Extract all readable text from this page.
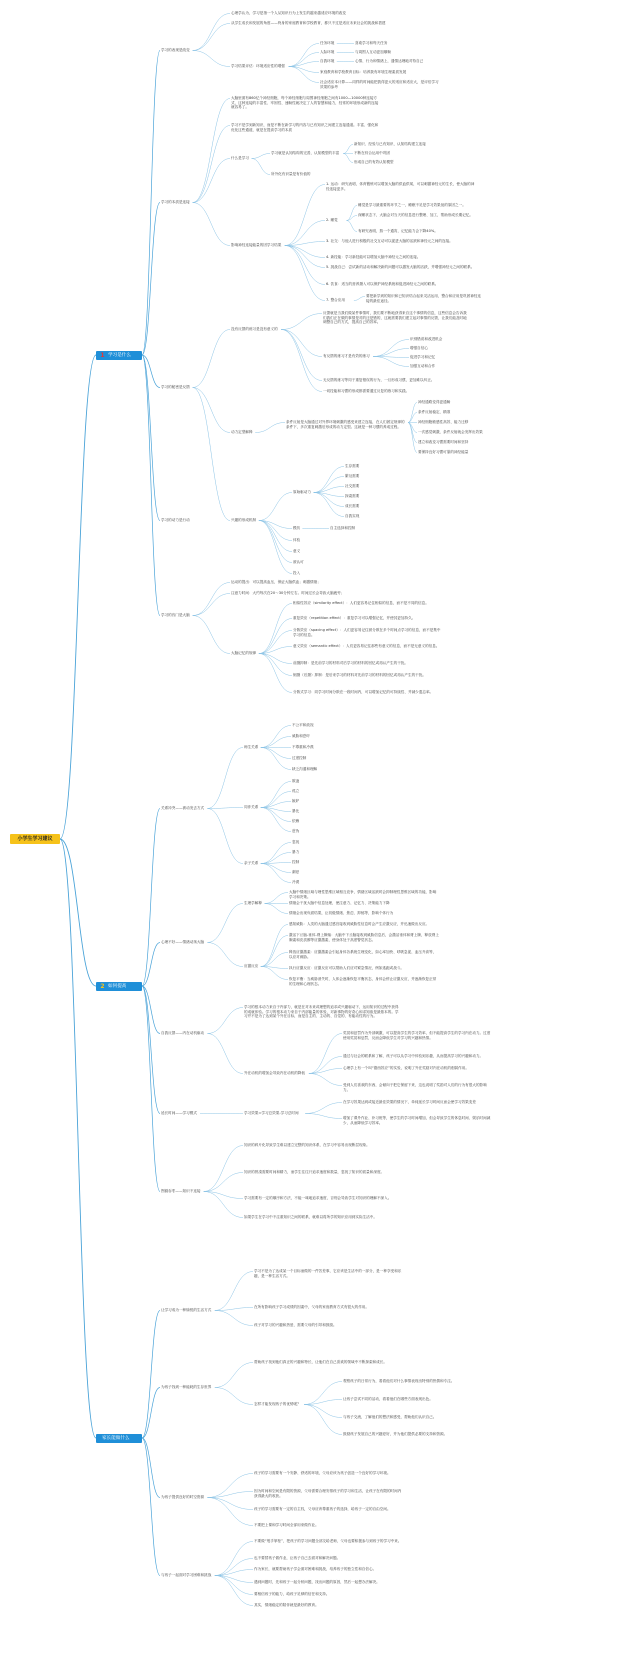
小学生学习建议
1 学习是什么
2 如何提高
家长能做什么
学习的表现是改变
心理学认为，学习是指一个人从知识行为上发生的越来越适应环境的改变
从学生成长和发展的角度——终身的家庭教育和学校教育，都只不过是适应未来社会的挑战和搭建
学习结果评估：环境适应性的增强
任务环境	喜欢学习和每天任务
人际环境	与周围人互动更加顺畅
自我环境	心情、行为和情绪上，通情达理地对待自己
家庭教育和学校教育目标：培养我有环境生理素质发展
社会适应本计算——同样的时间能把我得更大的适应和适应大，是评估学习效果的参考
学习的本质是连接
大脑里面有860亿个神经细胞，每个神经细胞与周围神经细胞之间有1000—10000种连接方式，这种连接的丰富性、牢固性、速畅性就决定了人的智慧和能力，经常的环境形成新的连接就容易了。
学习不是学到新知识，而是不断在新学习的内容与已有知识之间建立连接通道。丰富、强化和优化这些通道，就是在提高学习的本质
什么是学习
学习就是认知结构的完善，认知模型的丰富
新知识、经验与已有知识、认知结构建立连接
不断在综合运用中巩固
形成自己的有效认知模型
所外化有识量是有价值的
影响神经连接能量的因学习结果
1. 运动：研究表明，体育锻炼可以增加大脑的供血供氧，可以刺激神经元的生长，使大脑的神经连接更多。
2. 睡觉
睡觉是学习最重要的环节之一，睡眠不足是学习效果低的原因之一。
深睡状态下，大脑会对当天的信息进行整理、加工，帮助形成长期记忆。
有研究表明，熬一个通宵，记忆能力会下降40%。
3. 社交：与他人进行积极的社交互动可以促进大脑的活跃和神经元之间的连接。
4. 新技能：学习新技能可以增加大脑中神经元之间的连接。
5. 挑战自己：尝试新的活动和解决新的问题可以激发大脑的活跃，并增强神经元之间的联系。
6. 饮食：适当的营养摄入可以保护神经系统和促进神经元之间的联系。
7. 整合应用
要把新学到的知识和已知识结合起来灵活运用，整合和应用是巩固神经连接的最佳途径。
学习的秘密是反馈
没有反馈的练习是没有意义的
反馈就是当我们做某件事情时，我们要不断地获得来自这个事情的信息，这些信息会告诉我们我们正在做的事情是对的还是错的，这就需要我们建立起对事情的反馈，让我们能及时地调整自己的方式，提高自己的效率。
有反馈的练习才是有效的练习
识别错误和改进机会
增强自信心
促进学习和记忆
加强互动和合作
无反馈的练习等同于重复错误的行为，一旦形成习惯，更加难以纠正。
一切技能和习惯的形成都需要通过反复的练习和实践。
动力定型解释
条件反射是大脑通过对外界环境刺激的感受来建立连接，在人们固定规律的条件下，多次重复刺激后形成的动力定型。这就是一种习惯的养成过程。
神经通路变得更通畅
条件反射稳定、精准
神经细胞敏感性高效、能力迁移
一次感觉刺激，条件反射就会发挥出效果
建立和改变习惯需要时间和坚持
要保持良好习惯可靠的神经能量
学习的动力是行动	兴趣的形成机制
原始驱动力
生存需要
繁衍需要
社交需要
探索需要
成长需要
自我实现
模仿	自主选择和控制
体验
意义
被认可
投入
学习的窍门是大脑
运动的提出：可以提高血压，保证大脑供血；刺激情绪；
注意力时间：大约每次在20～30分钟左右。时间过长会导致大脑疲劳；
大脑记忆的规律
相似性效应（similarity effect）：人们更容易记住相似的信息，而不是不同的信息。
重复效应（repetition effect）：重复学习可以增强记忆，并使其更加持久。
分散效应（spacing effect）：人们更容易记住被分散在多个时间点学习的信息，而不是集中学习的信息。
意义效应（semantic effect）：人们更容易记住那些有意义的信息，而不是无意义的信息。
前摄抑制：是先前学习的材料对后学习的材料的回忆或再认产生的干扰。
倒摄（后摄）抑制：是后来学习的材料对先前学习的材料的回忆或再认产生的干扰。
分散式学习：同学习时间分散在一段时间内，可以增加记忆的可持续性、并减少遗忘率。
关系冲突——被动发去方式
师生关系
不公平和歧视
威胁和恐吓
不尊重和冷漠
过度控制
缺乏沟通和理解
同伴关系
欺凌
孤立
嫉妒
暴比
依赖
虚伪
亲子关系
忽视
暴力
控制
溺爱
冷漠
心理不好——情绪动荡大脑
生理学解释
大脑中情绪区域与理性思维区域相互竞争，情绪区域活跃时会抑制理性思维区域的功能，影响学习和决策。
情绪会干扰大脑中信息处理，使注意力、记忆力、决策能力下降
情绪会出现负面结果，让初级情绪、焦虑、抑郁等，影响个体行为
应激反应
感知威胁：人类的大脑通过感官接收到威胁性信息时会产生应激反应，并迅速做出反应。
激活下丘脑-垂体-肾上腺轴：大脑中下丘脑接收到威胁信息后，会激活垂体和肾上腺，释放肾上腺素和皮质醇等应激激素，使身体处于高度警觉状态。
释放应激激素：应激激素会引起身体各系统生理变化，如心率加快、呼吸急促、血压升高等，以应对威胁。
执行应激反应：应激反应可以帮助人们应对紧急情况，例如逃跑或战斗。
恢复平衡：当威胁消失时，人体会逐渐恢复平衡状态，身体会停止应激反应，并逐渐恢复正常的生理和心理状态。
自我反馈——内在动机驱动
学习的根本动力来自于内部力，就是在对未来或理想的追求或兴趣驱动下，运用知识的过程中获得的成就体验。学习的根本动力来自于内部能量的体验，对新事物的好奇心和求知欲是最基本的。学习并不是为了达到某个外在目标，而是自主的、主动的、自觉的、有能动性的行为。
外在动机的增加会导致内在动机的降低
奖赏和惩罚作为外部刺激，可以提高学生的学习效率，但不能提高学生的学习内在动力。过度使用奖赏和惩罚，反而会降低学生对学习的兴趣和热情。
通过与社会的联系和了解，孩子可以从学习中体验到乐趣，从而提高学习的兴趣和动力。
心理学上有一个叫“德西效应”的实验，说明了外在奖励对内在动机的削弱作用。
受到人们喜欢的东西，会倾向于把它保留下来，这也说明了奖励对人们的行为有很大的影响力。
延长时间——学习模式	学习效果=学习总效果-学习总时间
在学习效果达到或接近最佳效果的情况下，单纯延长学习时间反而会使学习效果变差
增加了课外作业、补习班等，使学生的学习时间增加，但会导致学生的休息时间、娱乐时间减少，从而降低学习效率。
囫囵吞枣——知识不连接
知识的碎片化导致学生难以建立完整的知识体系，在学习中容易出现断层现象。
知识的拼凑需要时间和精力，而学生往往只追求速度和数量，忽视了知识的质量和深度。
学习需要有一定的顺序和方法，不能一味地追求速度，否则会导致学生对知识的理解不深入。
如果学生在学习中不注重知识之间的联系，就难以将所学的知识应用到实际生活中。
让学习成为一种愉悦的生活方式
学习不是为了达成某一个目标而做的一件苦差事，它应该是生活中的一部分，是一种享受和乐趣，是一种生活方式。
在所有影响孩子学习成绩的因素中，父母的家庭教育方式有很大的作用。
孩子对学习的兴趣和热爱，需要父母的引导和鼓励。
为孩子找到一种能耗的生存世界
帮助孩子找到他们真正的兴趣和特长，让他们在自己喜欢的领域中不断探索和成长。
怎样才能发现孩子的优势呢？
观察孩子的日常行为，看看他们对什么事情表现出特别的热情和专注。
让孩子尝试不同的活动，看看他们在哪些方面表现出色。
与孩子交流，了解他们的想法和感受，帮助他们认识自己。
鼓励孩子发展自己的兴趣爱好，并为他们提供必要的支持和资源。
为孩子提供良好的时空资源
孩子的学习需要有一个安静、舒适的环境，父母应该为孩子创造一个良好的学习环境。
因为时间和空间是有限的资源，父母需要合理安排孩子的学习和生活，让孩子在有限的时间内获得最大的收获。
孩子的学习需要有一定的自主权，父母应该尊重孩子的选择，给孩子一定的自由空间。
不要把上课和学习时间全部用来做作业。
与孩子一起面对学习困难和挑战
不要做“甩手掌柜”，把孩子的学习问题全部交给老师，父母也要积极参与到孩子的学习中来。
也不要替孩子做作业，让孩子自己去面对和解决问题。
作为家长，就要帮助孩子学会面对困难和挑战，培养孩子的独立性和自信心。
遇到问题时，先和孩子一起分析问题，找出问题的原因，然后一起想办法解决。
要相信孩子的能力，给孩子足够的信任和支持。
其实，情绪稳定的陪伴就是最好的教育。
